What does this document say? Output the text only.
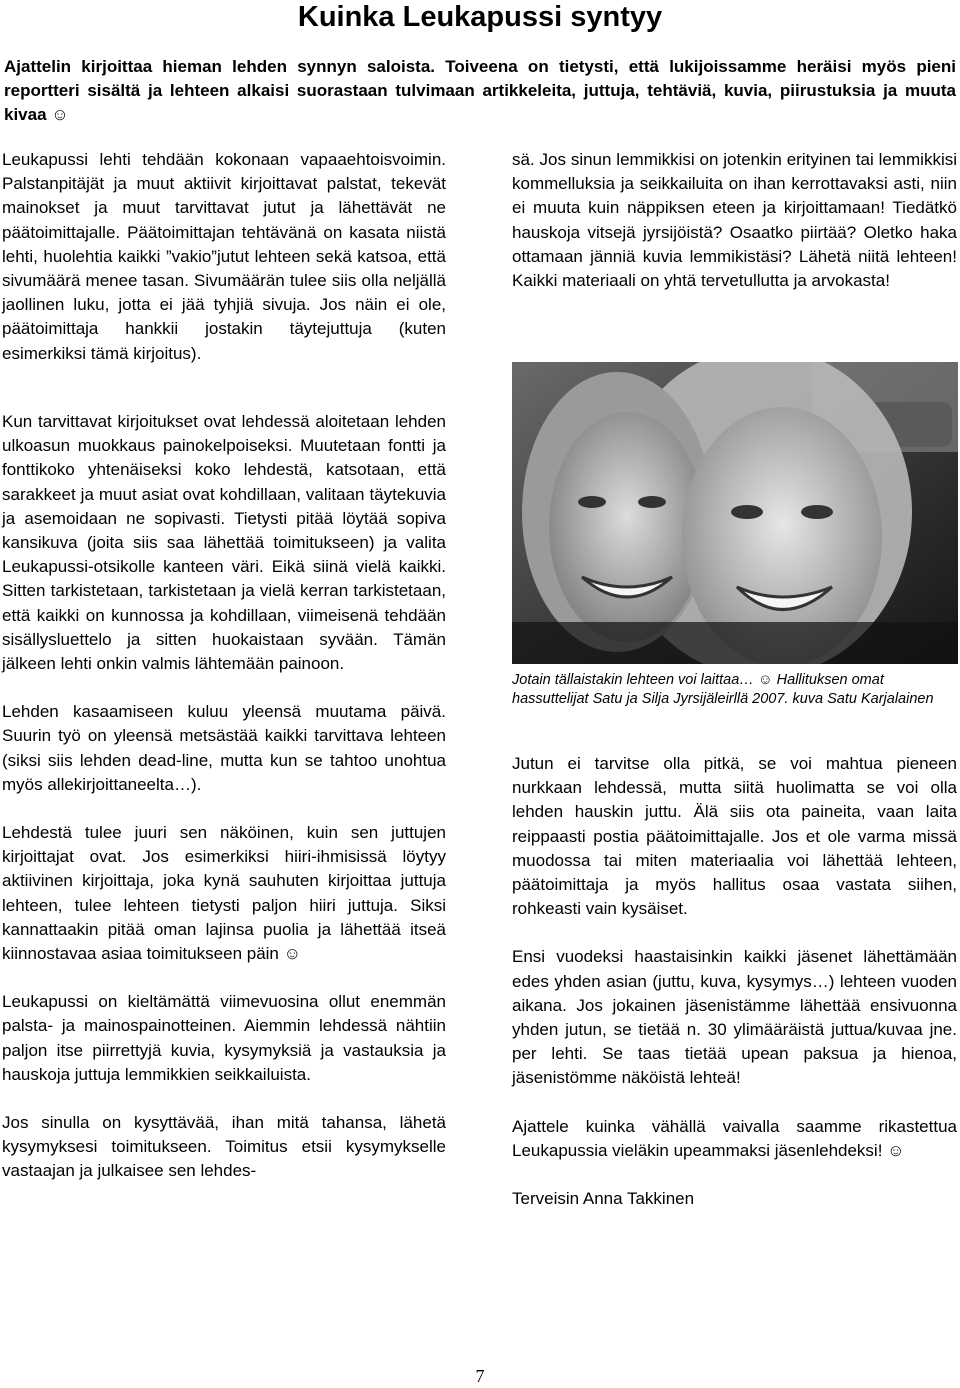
Kuinka Leukapussi syntyy

Ajattelin kirjoittaa hieman lehden synnyn saloista. Toiveena on tietysti, että lukijoissamme heräisi myös pieni reportteri sisältä ja lehteen alkaisi suorastaan tulvimaan artikkeleita, juttuja, tehtäviä, kuvia, piirustuksia ja muuta kivaa ☺

Leukapussi lehti tehdään kokonaan vapaaehtoisvoimin. Palstanpitäjät ja muut aktiivit kirjoittavat palstat, tekevät mainokset ja muut tarvittavat jutut ja lähettävät ne päätoimittajalle. Päätoimittajan tehtävänä on kasata niistä lehti, huolehtia kaikki ”vakio”jutut lehteen sekä katsoa, että sivumäärä menee tasan. Sivumäärän tulee siis olla neljällä jaollinen luku, jotta ei jää tyhjiä sivuja. Jos näin ei ole, päätoimittaja hankkii jostakin täytejuttuja (kuten esimerkiksi tämä kirjoitus).

Kun tarvittavat kirjoitukset ovat lehdessä aloitetaan lehden ulkoasun muokkaus painokelpoiseksi. Muutetaan fontti ja fonttikoko yhtenäiseksi koko lehdestä, katsotaan, että sarakkeet ja muut asiat ovat kohdillaan, valitaan täytekuvia ja asemoidaan ne sopivasti. Tietysti pitää löytää sopiva kansikuva (joita siis saa lähettää toimitukseen) ja valita Leukapussi-otsikolle kanteen väri. Eikä siinä vielä kaikki. Sitten tarkistetaan, tarkistetaan ja vielä kerran tarkistetaan, että kaikki on kunnossa ja kohdillaan, viimeisenä tehdään sisällysluettelo ja sitten huokaistaan syvään. Tämän jälkeen lehti onkin valmis lähtemään painoon.

Lehden kasaamiseen kuluu yleensä muutama päivä. Suurin työ on yleensä metsästää kaikki tarvittava lehteen (siksi siis lehden dead-line, mutta kun se tahtoo unohtua myös allekirjoittaneelta…).

Lehdestä tulee juuri sen näköinen, kuin sen juttujen kirjoittajat ovat. Jos esimerkiksi hiiri-ihmisissä löytyy aktiivinen kirjoittaja, joka kynä sauhuten kirjoittaa juttuja lehteen, tulee lehteen tietysti paljon hiiri juttuja. Siksi kannattaakin pitää oman lajinsa puolia ja lähettää itseä kiinnostavaa asiaa toimitukseen päin ☺

Leukapussi on kieltämättä viimevuosina ollut enemmän palsta- ja mainospainotteinen. Aiemmin lehdessä nähtiin paljon itse piirrettyjä kuvia, kysymyksiä ja vastauksia ja hauskoja juttuja lemmikkien seikkailuista.

Jos sinulla on kysyttävää, ihan mitä tahansa, lähetä kysymyksesi toimitukseen. Toimitus etsii kysymykselle vastaajan ja julkaisee sen lehdes-

sä. Jos sinun lemmikkisi on jotenkin erityinen tai lemmikkisi kommelluksia ja seikkailuita on ihan kerrottavaksi asti, niin ei muuta kuin näppiksen eteen ja kirjoittamaan! Tiedätkö hauskoja vitsejä jyrsijöistä? Osaatko piirtää? Oletko haka ottamaan jänniä kuvia lemmikistäsi? Lähetä niitä lehteen! Kaikki materiaali on yhtä tervetullutta ja arvokasta!

Jotain tällaistakin lehteen voi laittaa… ☺ Hallituksen omat hassuttelijat Satu ja Silja Jyrsijäleirllä 2007. kuva Satu Karjalainen

Jutun ei tarvitse olla pitkä, se voi mahtua pieneen nurkkaan lehdessä, mutta siitä huolimatta se voi olla lehden hauskin juttu. Älä siis ota paineita, vaan laita reippaasti postia päätoimittajalle. Jos et ole varma missä muodossa tai miten materiaalia voi lähettää lehteen, päätoimittaja ja myös hallitus osaa vastata siihen, rohkeasti vain kysäiset.

Ensi vuodeksi haastaisinkin kaikki jäsenet lähettämään edes yhden asian (juttu, kuva, kysymys…) lehteen vuoden aikana. Jos jokainen jäsenistämme lähettää ensivuonna yhden jutun, se tietää n. 30 ylimääräistä juttua/kuvaa jne. per lehti. Se taas tietää upean paksua ja hienoa, jäsenistömme näköistä lehteä!

Ajattele kuinka vähällä vaivalla saamme rikastettua Leukapussia vieläkin upeammaksi jäsenlehdeksi! ☺

Terveisin Anna Takkinen

7
